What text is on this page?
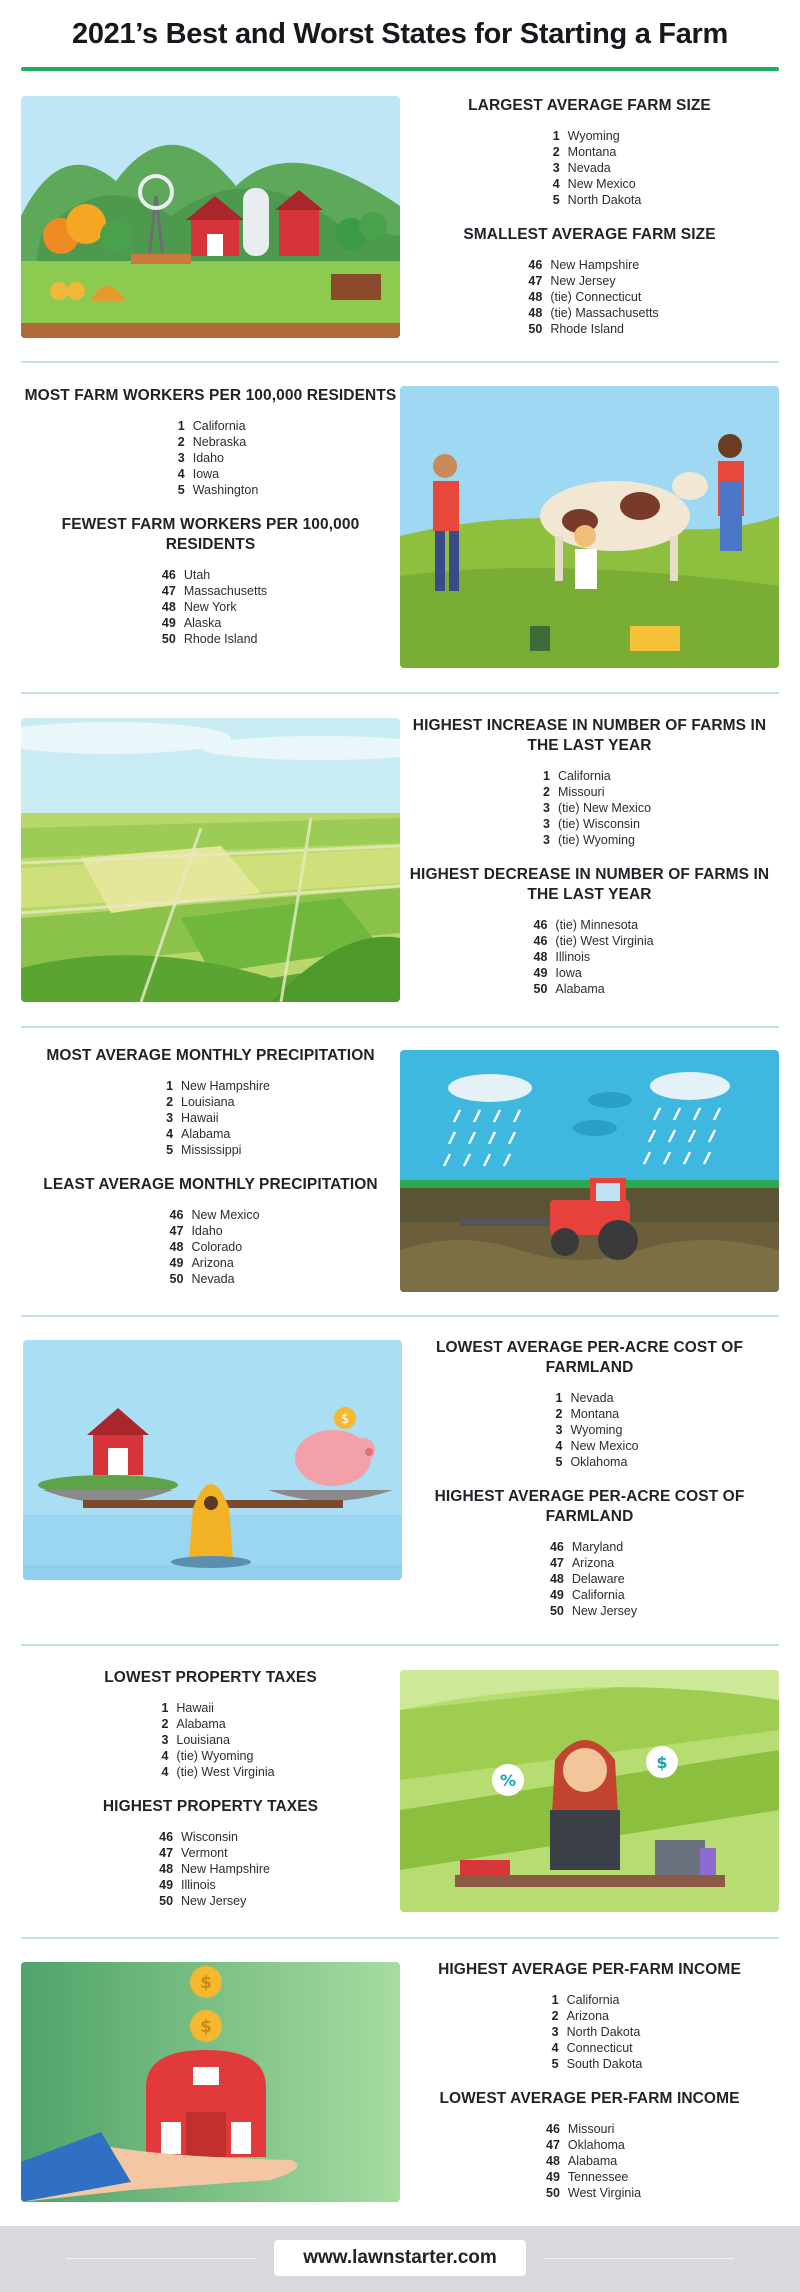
2021’s Best and Worst States for Starting a Farm
LARGEST AVERAGE FARM SIZE
1 Wyoming
2 Montana
3 Nevada
4 New Mexico
5 North Dakota
SMALLEST AVERAGE FARM SIZE
46 New Hampshire
47 New Jersey
48 (tie) Connecticut
48 (tie) Massachusetts
50 Rhode Island
MOST FARM WORKERS PER 100,000 RESIDENTS
1 California
2 Nebraska
3 Idaho
4 Iowa
5 Washington
FEWEST FARM WORKERS PER 100,000 RESIDENTS
46 Utah
47 Massachusetts
48 New York
49 Alaska
50 Rhode Island
HIGHEST INCREASE IN NUMBER OF FARMS IN THE LAST YEAR
1 California
2 Missouri
3 (tie) New Mexico
3 (tie) Wisconsin
3 (tie) Wyoming
HIGHEST DECREASE IN NUMBER OF FARMS IN THE LAST YEAR
46 (tie) Minnesota
46 (tie) West Virginia
48 Illinois
49 Iowa
50 Alabama
MOST AVERAGE MONTHLY PRECIPITATION
1 New Hampshire
2 Louisiana
3 Hawaii
4 Alabama
5 Mississippi
LEAST AVERAGE MONTHLY PRECIPITATION
46 New Mexico
47 Idaho
48 Colorado
49 Arizona
50 Nevada
$
LOWEST AVERAGE PER-ACRE COST OF FARMLAND
1 Nevada
2 Montana
3 Wyoming
4 New Mexico
5 Oklahoma
HIGHEST AVERAGE PER-ACRE COST OF FARMLAND
46 Maryland
47 Arizona
48 Delaware
49 California
50 New Jersey
LOWEST PROPERTY TAXES
1 Hawaii
2 Alabama
3 Louisiana
4 (tie) Wyoming
4 (tie) West Virginia
HIGHEST PROPERTY TAXES
46 Wisconsin
47 Vermont
48 New Hampshire
49 Illinois
50 New Jersey
%
$
$
$
HIGHEST AVERAGE PER-FARM INCOME
1 California
2 Arizona
3 North Dakota
4 Connecticut
5 South Dakota
LOWEST AVERAGE PER-FARM INCOME
46 Missouri
47 Oklahoma
48 Alabama
49 Tennessee
50 West Virginia
www.lawnstarter.com
